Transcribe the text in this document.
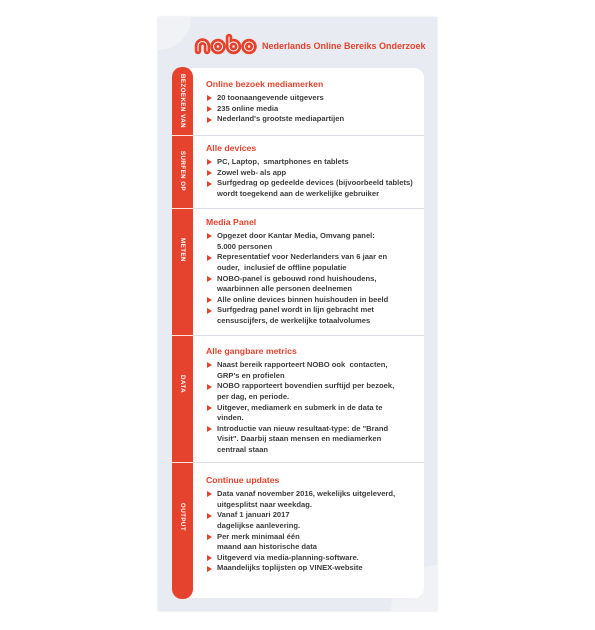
Nederlands Online Bereiks Onderzoek
BEZOEKEN VAN
SURFEN OP
METEN
DATA
OUTPUT
Online bezoek mediamerken
20 toonaangevende uitgevers
235 online media
Nederland's grootste mediapartijen
Alle devices
PC, Laptop,  smartphones en tablets
Zowel web- als app
Surfgedrag op gedeelde devices (bijvoorbeeld tablets)
wordt toegekend aan de werkelijke gebruiker
Media Panel
Opgezet door Kantar Media, Omvang panel:
5.000 personen
Representatief voor Nederlanders van 6 jaar en
ouder,  inclusief de offline populatie
NOBO-panel is gebouwd rond huishoudens,
waarbinnen alle personen deelnemen
Alle online devices binnen huishouden in beeld
Surfgedrag panel wordt in lijn gebracht met
censuscijfers, de werkelijke totaalvolumes
Alle gangbare metrics
Naast bereik rapporteert NOBO ook  contacten,
GRP's en profielen
NOBO rapporteert bovendien surftijd per bezoek,
per dag, en periode.
Uitgever, mediamerk en submerk in de data te
vinden.
Introductie van nieuw resultaat-type: de "Brand
Visit". Daarbij staan mensen en mediamerken
centraal staan
Continue updates
Data vanaf november 2016, wekelijks uitgeleverd,
uitgesplitst naar weekdag.
Vanaf 1 januari 2017
dagelijkse aanlevering.
Per merk minimaal één
maand aan historische data
Uitgeverd via media-planning-software.
Maandelijks toplijsten op VINEX-website
